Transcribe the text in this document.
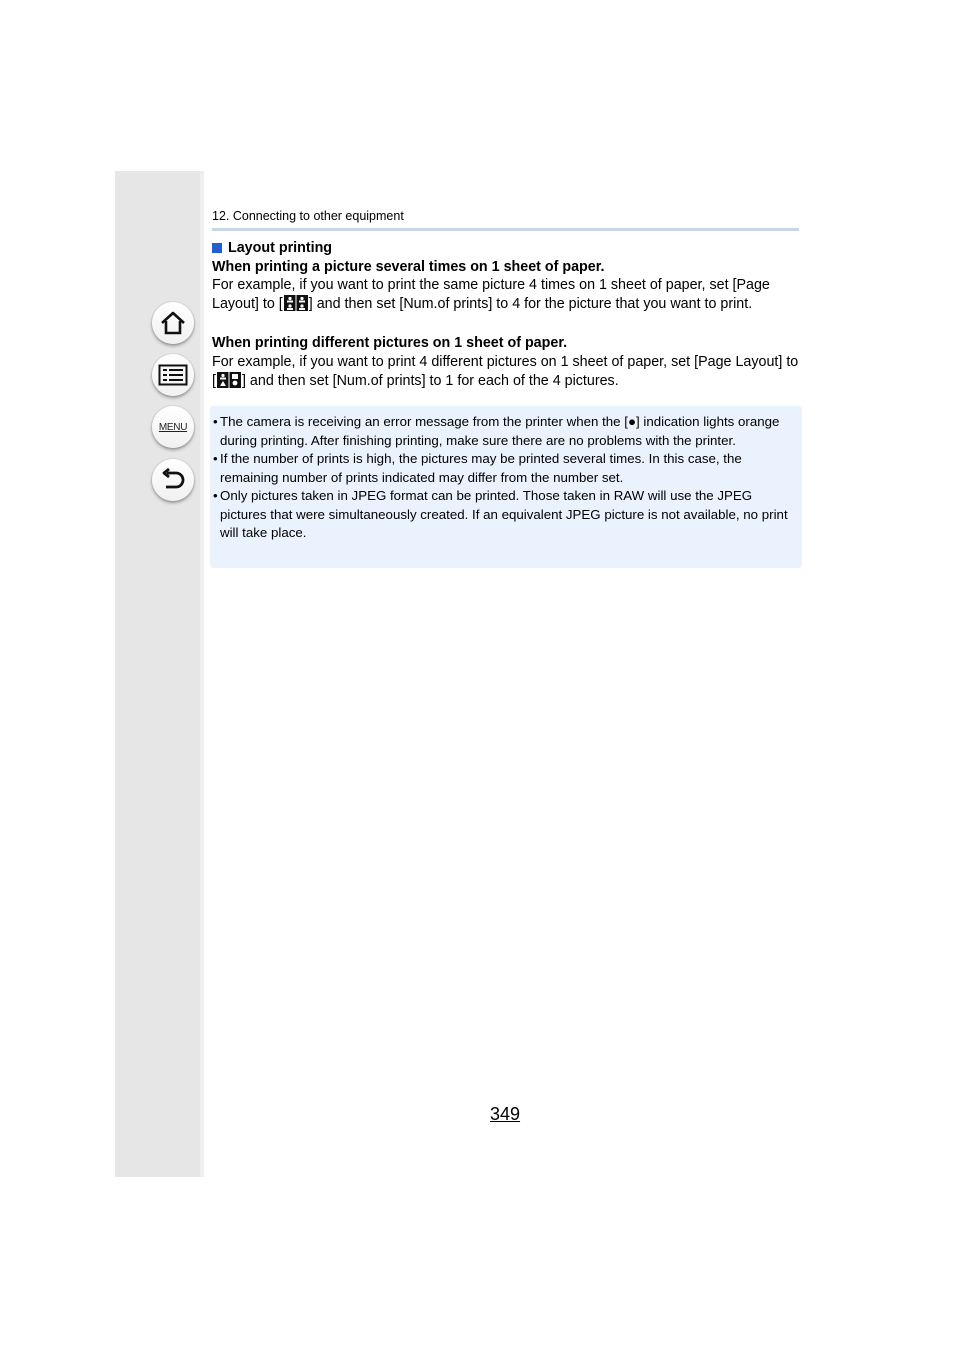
MENU
12. Connecting to other equipment
Layout printing
When printing a picture several times on 1 sheet of paper.
For example, if you want to print the same picture 4 times on 1 sheet of paper, set [Page Layout] to [ ] and then set [Num.of prints] to 4 for the picture that you want to print.
When printing different pictures on 1 sheet of paper.
For example, if you want to print 4 different pictures on 1 sheet of paper, set [Page Layout] to [ ] and then set [Num.of prints] to 1 for each of the 4 pictures.
• The camera is receiving an error message from the printer when the [●] indication lights orange during printing. After finishing printing, make sure there are no problems with the printer.
• If the number of prints is high, the pictures may be printed several times. In this case, the remaining number of prints indicated may differ from the number set.
• Only pictures taken in JPEG format can be printed. Those taken in RAW will use the JPEG pictures that were simultaneously created. If an equivalent JPEG picture is not available, no print will take place.
349
